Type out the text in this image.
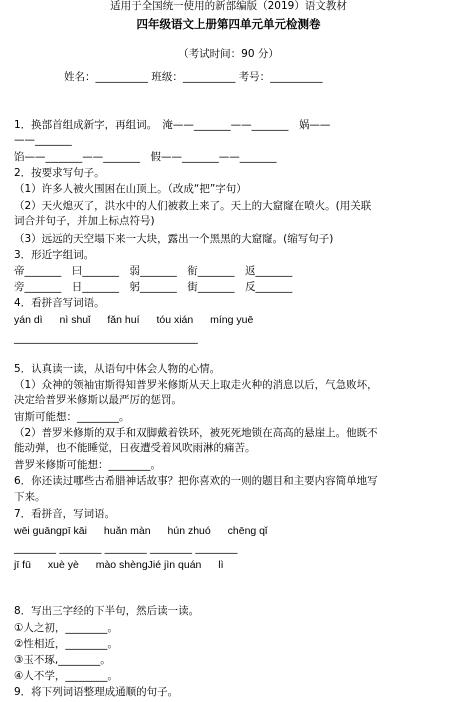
适用于全国统一使用的新部编版（2019）语文教材
四年级语文上册第四单元单元检测卷
（考试时间：90 分）
姓名：__________ 班级：__________ 考号：__________
1．换部首组成新字，再组词。　淹——_______——_______　娲——
——_______
馅——_______——_______　假——_______——_______
2．按要求写句子。
（1）许多人被火围困在山顶上。（改成“把”字句）
（2）天火熄灭了，洪水中的人们被救上来了。天上的大窟窿在喷火。(用关联
词合并句子，并加上标点符号)
（3）远远的天空塌下来一大块，露出一个黑黑的大窟窿。(缩写句子)
3．形近字组词。
帝_______　曰_______　弱_______　衔_______　返_______
旁_______　日_______　躬_______　街_______　反_______
4．看拼音写词语。
yán dì nì shuǐ fǎn huí tóu xián míng yuē
___________________________________
5．认真读一读，从语句中体会人物的心情。
（1）众神的领袖宙斯得知普罗米修斯从天上取走火种的消息以后，气急败坏，
决定给普罗米修斯以最严厉的惩罚。
宙斯可能想：________。
（2）普罗米修斯的双手和双脚戴着铁环，被死死地锁在高高的悬崖上。他既不
能动弹，也不能睡觉，日夜遭受着风吹雨淋的痛苦。
普罗米修斯可能想：________。
6．你还读过哪些古希腊神话故事？把你喜欢的一则的题目和主要内容简单地写
下来。
7．看拼音，写词语。
wēi guāngpī kāi huǎn màn hún zhuó chēng qǐ
________ ________ ________ ________ ________
jī fū xuè yè mào shèngJié jìn quán lì
8．写出三字经的下半句，然后读一读。
①人之初，________。
②性相近，________。
③玉不琢,________。
④人不学，________。
9．将下列词语整理成通顺的句子。
